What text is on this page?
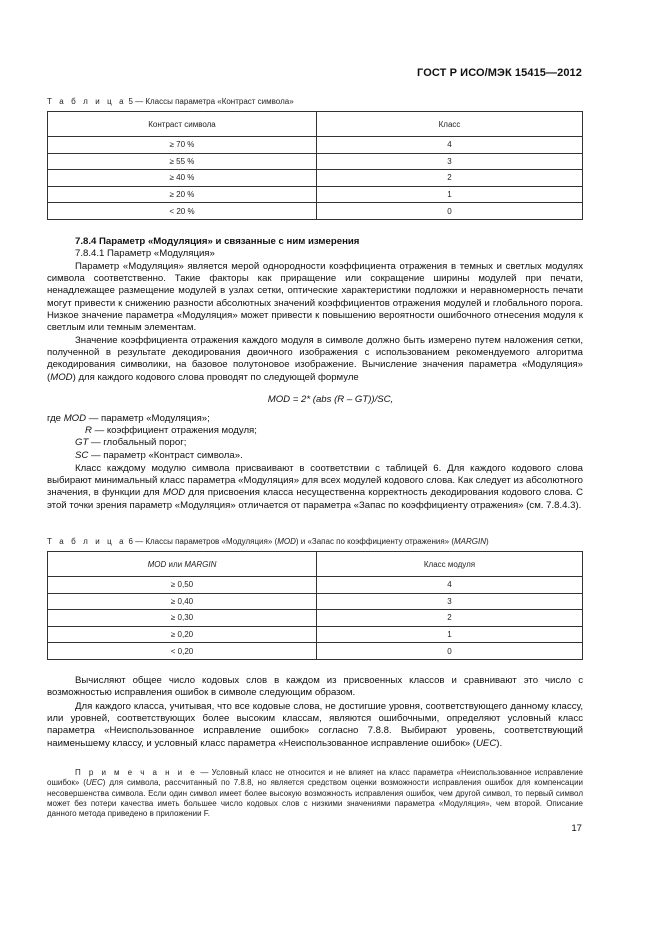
ГОСТ Р ИСО/МЭК 15415—2012
Т а б л и ц а 5 — Классы параметра «Контраст символа»
Контраст символа	Класс
≥ 70 %	4
≥ 55 %	3
≥ 40 %	2
≥ 20 %	1
< 20 %	0
7.8.4 Параметр «Модуляция» и связанные с ним измерения
7.8.4.1 Параметр «Модуляция»
Параметр «Модуляция» является мерой однородности коэффициента отражения в темных и светлых модулях символа соответственно. Такие факторы как приращение или сокращение ширины модулей при печати, ненадлежащее размещение модулей в узлах сетки, оптические характеристики подложки и неравномерность печати могут привести к снижению разности абсолютных значений коэффициентов отражения модулей и глобального порога. Низкое значение параметра «Модуляция» может привести к повышению вероятности ошибочного отнесения модуля к светлым или темным элементам.
Значение коэффициента отражения каждого модуля в символе должно быть измерено путем наложения сетки, полученной в результате декодирования двоичного изображения с использованием рекомендуемого алгоритма декодирования символики, на базовое полутоновое изображение. Вычисление значения параметра «Модуляция» (MOD) для каждого кодового слова проводят по следующей формуле
MOD = 2* (abs (R – GT))/SC,
где MOD — параметр «Модуляция»;
R — коэффициент отражения модуля;
GT — глобальный порог;
SC — параметр «Контраст символа».
Класс каждому модулю символа присваивают в соответствии с таблицей 6. Для каждого кодового слова выбирают минимальный класс параметра «Модуляция» для всех модулей кодового слова. Как следует из абсолютного значения, в функции для MOD для присвоения класса несущественна корректность декодирования кодового слова. С этой точки зрения параметр «Модуляция» отличается от параметра «Запас по коэффициенту отражения» (см. 7.8.4.3).
Т а б л и ц а 6 — Классы параметров «Модуляция» (MOD) и «Запас по коэффициенту отражения» (MARGIN)
MOD или MARGIN	Класс модуля
≥ 0,50	4
≥ 0,40	3
≥ 0,30	2
≥ 0,20	1
< 0,20	0
Вычисляют общее число кодовых слов в каждом из присвоенных классов и сравнивают это число с возможностью исправления ошибок в символе следующим образом.
Для каждого класса, учитывая, что все кодовые слова, не достигшие уровня, соответствующего данному классу, или уровней, соответствующих более высоким классам, являются ошибочными, определяют условный класс параметра «Неиспользованное исправление ошибок» согласно 7.8.8. Выбирают уровень, соответствующий наименьшему классу, и условный класс параметра «Неиспользованное исправление ошибок» (UEC).
П р и м е ч а н и е — Условный класс не относится и не влияет на класс параметра «Неиспользованное исправление ошибок» (UEC) для символа, рассчитанный по 7.8.8, но является средством оценки возможности исправления ошибок для компенсации несовершенства символа. Если один символ имеет более высокую возможность исправления ошибок, чем другой символ, то первый символ может без потери качества иметь большее число кодовых слов с низкими значениями параметра «Модуляция», чем второй. Описание данного метода приведено в приложении F.
17
